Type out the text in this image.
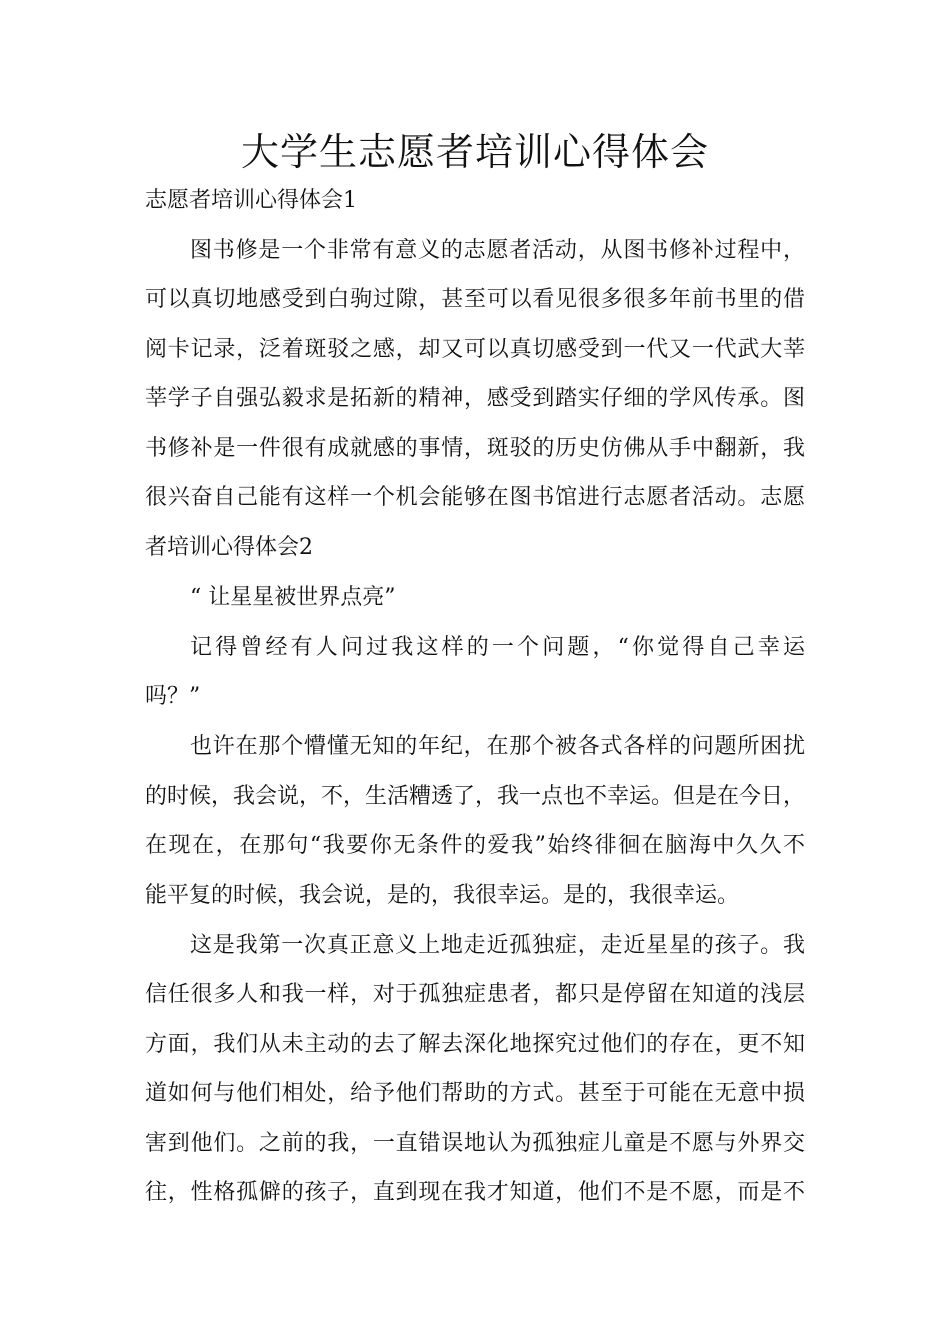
大学生志愿者培训心得体会

志愿者培训心得体会1

图书修是一个非常有意义的志愿者活动，从图书修补过程中，

可以真切地感受到白驹过隙，甚至可以看见很多很多年前书里的借

阅卡记录，泛着斑驳之感，却又可以真切感受到一代又一代武大莘

莘学子自强弘毅求是拓新的精神，感受到踏实仔细的学风传承。图

书修补是一件很有成就感的事情，斑驳的历史仿佛从手中翻新，我

很兴奋自己能有这样一个机会能够在图书馆进行志愿者活动。志愿

者培训心得体会2

“ 让星星被世界点亮”

记得曾经有人问过我这样的一个问题，“你觉得自己幸运

吗？”

也许在那个懵懂无知的年纪，在那个被各式各样的问题所困扰

的时候，我会说，不，生活糟透了，我一点也不幸运。但是在今日，

在现在，在那句“我要你无条件的爱我”始终徘徊在脑海中久久不

能平复的时候，我会说，是的，我很幸运。是的，我很幸运。

这是我第一次真正意义上地走近孤独症，走近星星的孩子。我

信任很多人和我一样，对于孤独症患者，都只是停留在知道的浅层

方面，我们从未主动的去了解去深化地探究过他们的存在，更不知

道如何与他们相处，给予他们帮助的方式。甚至于可能在无意中损

害到他们。之前的我，一直错误地认为孤独症儿童是不愿与外界交

往，性格孤僻的孩子，直到现在我才知道，他们不是不愿，而是不
